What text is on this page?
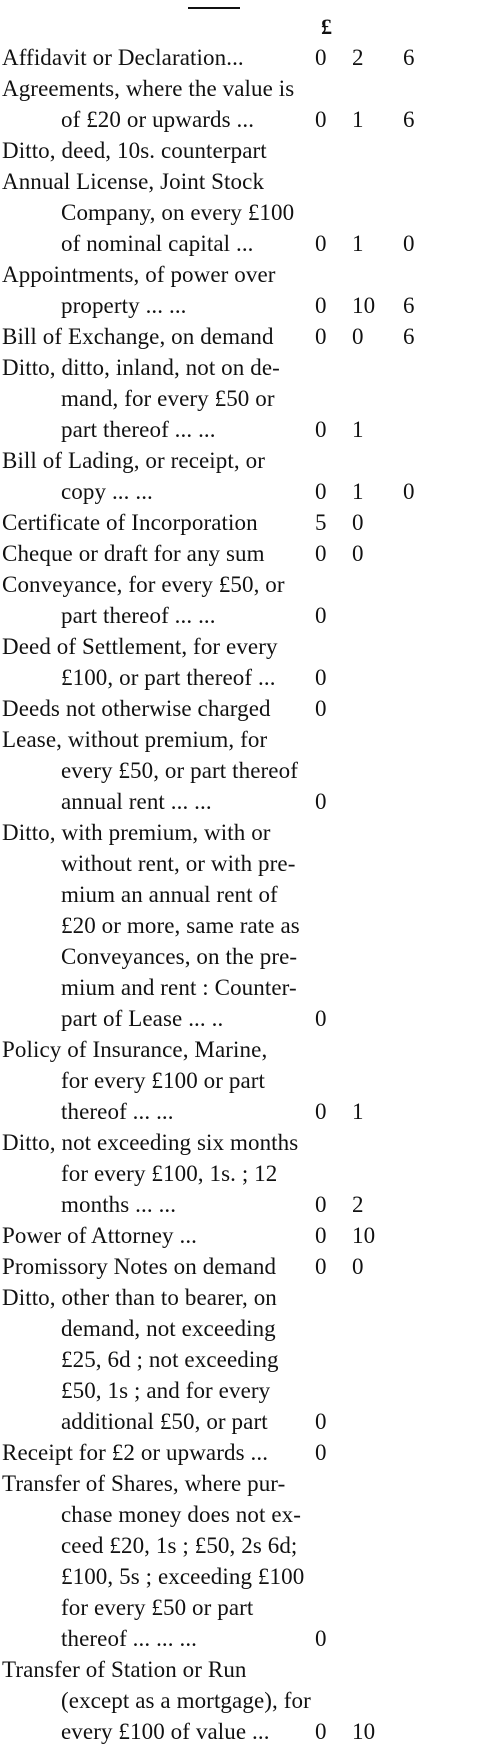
£
Affidavit or Declaration...	0 2 6
Agreements, where the value is
of £20 or upwards ...	0 1 6
Ditto, deed, 10s. counterpart
Annual License, Joint Stock
Company, on every £100
of nominal capital ...	0 1 0
Appointments, of power over
property ... ...	0 10 6
Bill of Exchange, on demand 0 0 6
Ditto, ditto, inland, not on de-
mand, for every £50 or
part thereof ... ...	0 1
Bill of Lading, or receipt, or
copy ... ...	0 1 0
Certificate of Incorporation 5 0
Cheque or draft for any sum 0 0
Conveyance, for every £50, or
part thereof ... ...	0
Deed of Settlement, for every
£100, or part thereof ... 0
Deeds not otherwise charged 0
Lease, without premium, for
every £50, or part thereof
annual rent ... ...	0
Ditto, with premium, with or
without rent, or with pre-
mium an annual rent of
£20 or more, same rate as
Conveyances, on the pre-
mium and rent : Counter-
part of Lease ... ..	0
Policy of Insurance, Marine,
for every £100 or part
thereof ... ...	0 1
Ditto, not exceeding six months
for every £100, 1s. ; 12
months ... ...	0 2
Power of Attorney ...	0 10
Promissory Notes on demand 0 0
Ditto, other than to bearer, on
demand, not exceeding
£25, 6d ; not exceeding
£50, 1s ; and for every
additional £50, or part 0
Receipt for £2 or upwards ... 0
Transfer of Shares, where pur-
chase money does not ex-
ceed £20, 1s ; £50, 2s 6d;
£100, 5s ; exceeding £100
for every £50 or part
thereof ... ... ...	0
Transfer of Station or Run
(except as a mortgage), for
every £100 of value ... 0 10
